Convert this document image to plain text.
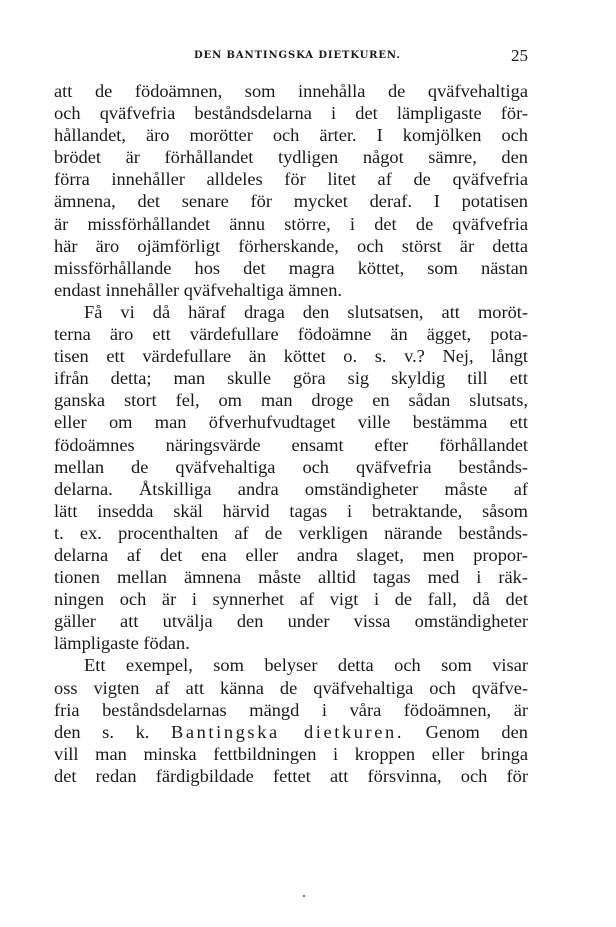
DEN BANTINGSKA DIETKUREN.	25
att de födoämnen, som innehålla de qväfvehaltiga
och qväfvefria beståndsdelarna i det lämpligaste för-
hållandet, äro morötter och ärter. I komjölken och
brödet är förhållandet tydligen något sämre, den
förra innehåller alldeles för litet af de qväfvefria
ämnena, det senare för mycket deraf. I potatisen
är missförhållandet ännu större, i det de qväfvefria
här äro ojämförligt förherskande, och störst är detta
missförhållande hos det magra köttet, som nästan
endast innehåller qväfvehaltiga ämnen.
Få vi då häraf draga den slutsatsen, att moröt-
terna äro ett värdefullare födoämne än ägget, pota-
tisen ett värdefullare än köttet o. s. v.? Nej, långt
ifrån detta; man skulle göra sig skyldig till ett
ganska stort fel, om man droge en sådan slutsats,
eller om man öfverhufvudtaget ville bestämma ett
födoämnes näringsvärde ensamt efter förhållandet
mellan de qväfvehaltiga och qväfvefria bestånds-
delarna. Åtskilliga andra omständigheter måste af
lätt insedda skäl härvid tagas i betraktande, såsom
t. ex. procenthalten af de verkligen närande bestånds-
delarna af det ena eller andra slaget, men propor-
tionen mellan ämnena måste alltid tagas med i räk-
ningen och är i synnerhet af vigt i de fall, då det
gäller att utvälja den under vissa omständigheter
lämpligaste födan.
Ett exempel, som belyser detta och som visar
oss vigten af att känna de qväfvehaltiga och qväfve-
fria beståndsdelarnas mängd i våra födoämnen, är
den s. k. Bantingska dietkuren. Genom den
vill man minska fettbildningen i kroppen eller bringa
det redan färdigbildade fettet att försvinna, och för
